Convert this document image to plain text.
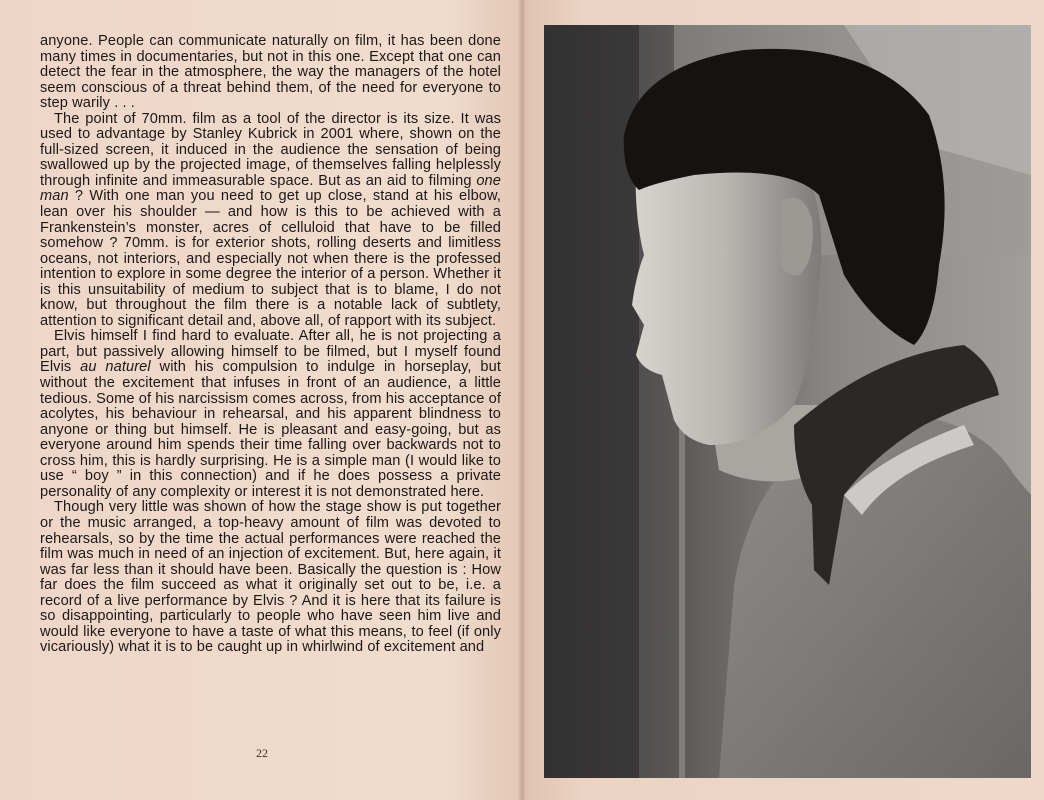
anyone. People can communicate naturally on film, it has been done many times in documentaries, but not in this one. Except that one can detect the fear in the atmosphere, the way the managers of the hotel seem conscious of a threat behind them, of the need for everyone to step warily . . .

The point of 70mm. film as a tool of the director is its size. It was used to advantage by Stanley Kubrick in 2001 where, shown on the full-sized screen, it induced in the audience the sensation of being swallowed up by the projected image, of themselves falling helplessly through infinite and immeasurable space. But as an aid to filming one man ? With one man you need to get up close, stand at his elbow, lean over his shoulder — and how is this to be achieved with a Frankenstein’s monster, acres of celluloid that have to be filled somehow ? 70mm. is for exterior shots, rolling deserts and limitless oceans, not interiors, and especially not when there is the professed intention to explore in some degree the interior of a person. Whether it is this unsuitability of medium to subject that is to blame, I do not know, but throughout the film there is a notable lack of subtlety, attention to significant detail and, above all, of rapport with its subject.

Elvis himself I find hard to evaluate. After all, he is not projecting a part, but passively allowing himself to be filmed, but I myself found Elvis au naturel with his compulsion to indulge in horseplay, but without the excitement that infuses in front of an audience, a little tedious. Some of his narcissism comes across, from his acceptance of acolytes, his behaviour in rehearsal, and his apparent blindness to anyone or thing but himself. He is pleasant and easy-going, but as everyone around him spends their time falling over backwards not to cross him, this is hardly surprising. He is a simple man (I would like to use “ boy ” in this connection) and if he does possess a private personality of any complexity or interest it is not demonstrated here.

Though very little was shown of how the stage show is put together or the music arranged, a top-heavy amount of film was devoted to rehearsals, so by the time the actual performances were reached the film was much in need of an injection of excitement. But, here again, it was far less than it should have been. Basically the question is : How far does the film succeed as what it originally set out to be, i.e. a record of a live performance by Elvis ? And it is here that its failure is so disappointing, particularly to people who have seen him live and would like everyone to have a taste of what this means, to feel (if only vicariously) what it is to be caught up in whirlwind of excitement and

22
